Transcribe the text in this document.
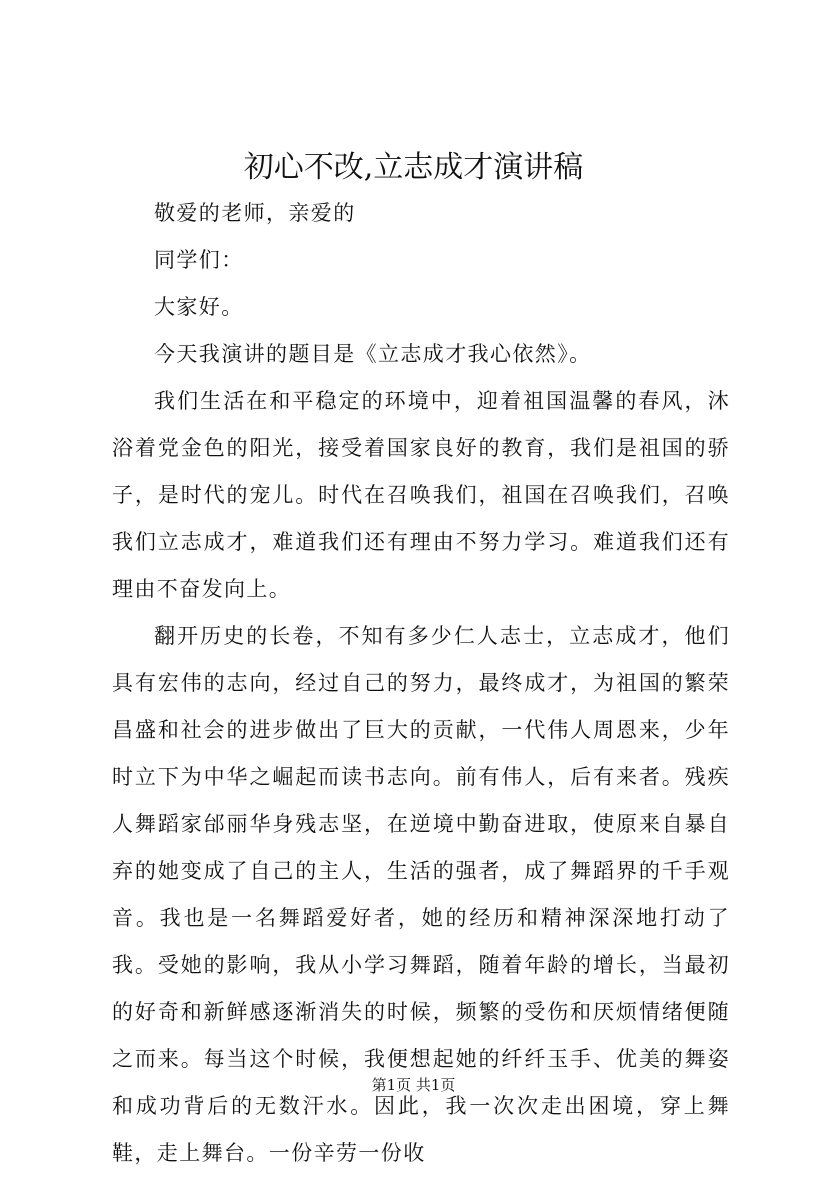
初心不改,立志成才演讲稿

敬爱的老师，亲爱的

同学们：

大家好。

今天我演讲的题目是《立志成才我心依然》。

我们生活在和平稳定的环境中，迎着祖国温馨的春风，沐浴着党金色的阳光，接受着国家良好的教育，我们是祖国的骄子，是时代的宠儿。时代在召唤我们，祖国在召唤我们，召唤我们立志成才，难道我们还有理由不努力学习。难道我们还有理由不奋发向上。

翻开历史的长卷，不知有多少仁人志士，立志成才，他们具有宏伟的志向，经过自己的努力，最终成才，为祖国的繁荣昌盛和社会的进步做出了巨大的贡献，一代伟人周恩来，少年时立下为中华之崛起而读书志向。前有伟人，后有来者。残疾人舞蹈家邰丽华身残志坚，在逆境中勤奋进取，使原来自暴自弃的她变成了自己的主人，生活的强者，成了舞蹈界的千手观音。我也是一名舞蹈爱好者，她的经历和精神深深地打动了我。受她的影响，我从小学习舞蹈，随着年龄的增长，当最初的好奇和新鲜感逐渐消失的时候，频繁的受伤和厌烦情绪便随之而来。每当这个时候，我便想起她的纤纤玉手、优美的舞姿和成功背后的无数汗水。因此，我一次次走出困境，穿上舞鞋，走上舞台。一份辛劳一份收

第1页 共1页
